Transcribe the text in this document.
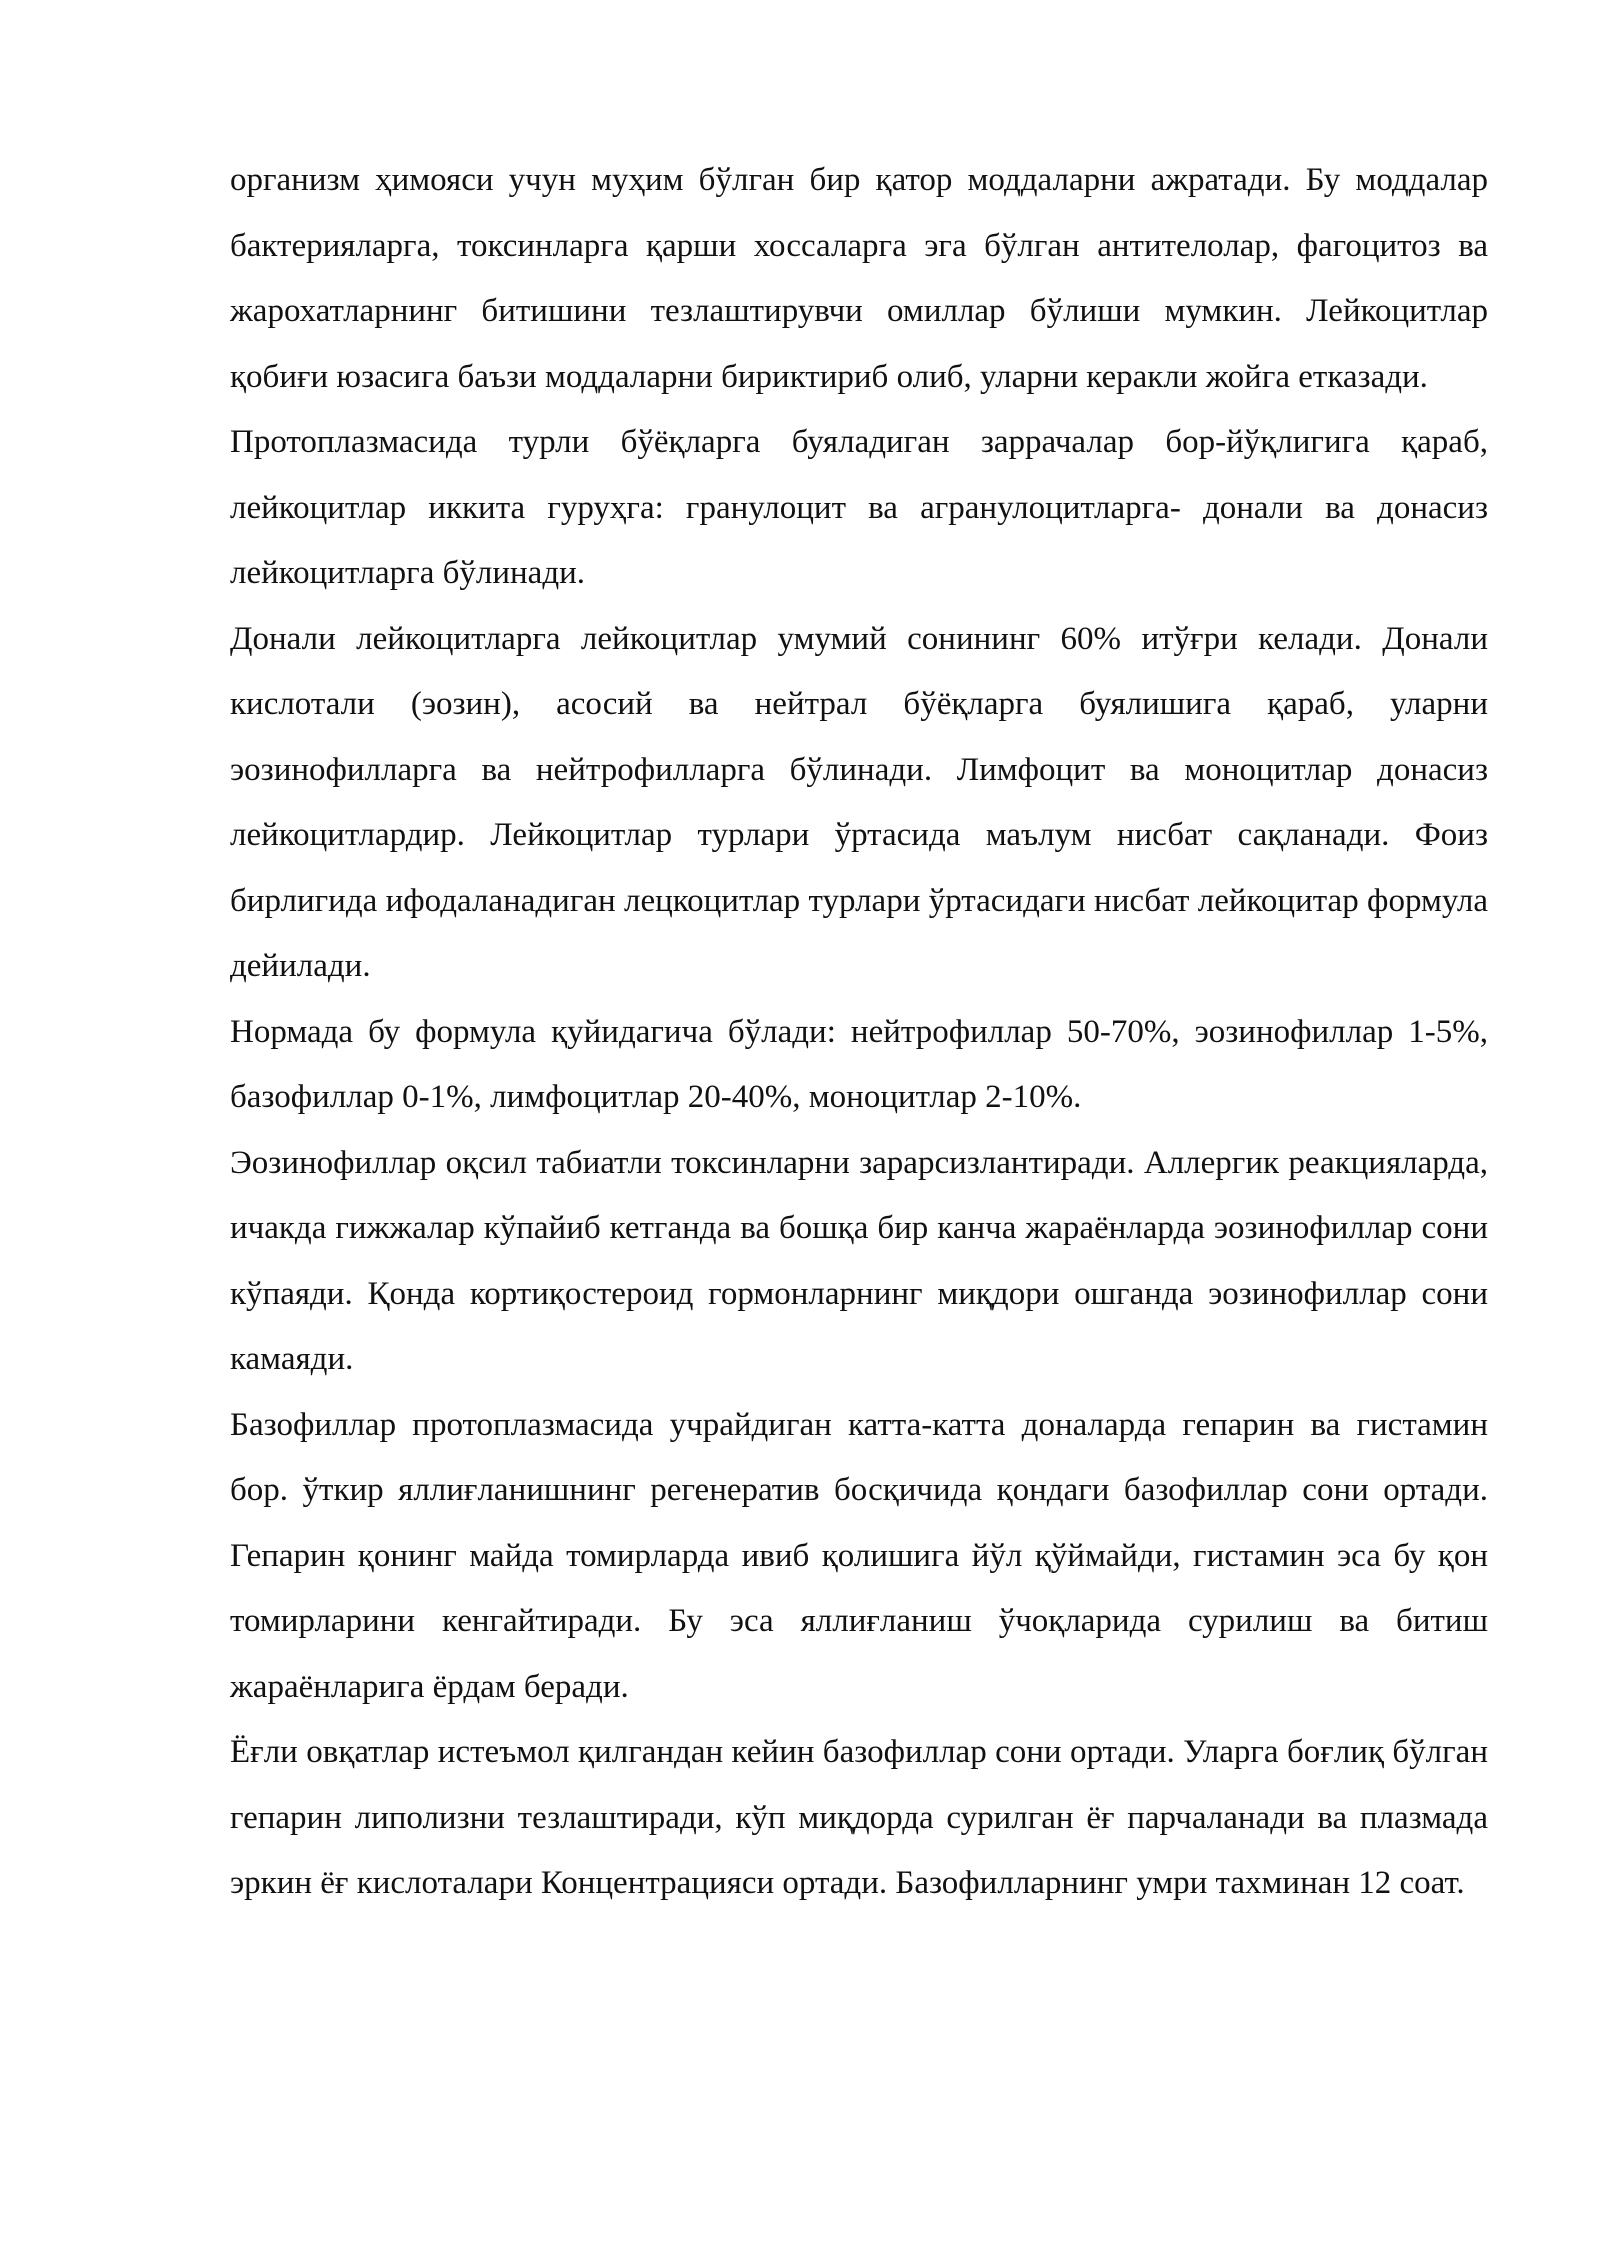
организм ҳимояси учун муҳим бўлган бир қатор моддаларни ажратади. Бу моддалар бактерияларга, токсинларга қарши хоссаларга эга бўлган антителолар, фагоцитоз ва жарохатларнинг битишини тезлаштирувчи омиллар бўлиши мумкин. Лейкоцитлар қобиғи юзасига баъзи моддаларни бириктириб олиб, уларни керакли жойга етказади.

Протоплазмасида турли бўёқларга буяладиган заррачалар бор-йўқлигига қараб, лейкоцитлар иккита гуруҳга: гранулоцит ва агранулоцитларга- донали ва донасиз лейкоцитларга бўлинади.

Донали лейкоцитларга лейкоцитлар умумий сонининг 60% итўғри келади. Донали кислотали (эозин), асосий ва нейтрал бўёқларга буялишига қараб, уларни эозинофилларга ва нейтрофилларга бўлинади. Лимфоцит ва моноцитлар донасиз лейкоцитлардир. Лейкоцитлар турлари ўртасида маълум нисбат сақланади. Фоиз бирлигида ифодаланадиган лецкоцитлар турлари ўртасидаги нисбат лейкоцитар формула дейилади.

Нормада бу формула қуйидагича бўлади: нейтрофиллар 50-70%, эозинофиллар 1-5%, базофиллар 0-1%, лимфоцитлар 20-40%, моноцитлар 2-10%.

Эозинофиллар оқсил табиатли токсинларни зарарсизлантиради. Аллергик реакцияларда, ичакда гижжалар кўпайиб кетганда ва бошқа бир канча жараёнларда эозинофиллар сони кўпаяди. Қонда кортиқостероид гормонларнинг миқдори ошганда эозинофиллар сони камаяди.

Базофиллар протоплазмасида учрайдиган катта-катта доналарда гепарин ва гистамин бор. ўткир яллиғланишнинг регенератив босқичида қондаги базофиллар сони ортади. Гепарин қонинг майда томирларда ивиб қолишига йўл қўймайди, гистамин эса бу қон томирларини кенгайтиради. Бу эса яллиғланиш ўчоқларида сурилиш ва битиш жараёнларига ёрдам беради.

Ёғли овқатлар истеъмол қилгандан кейин базофиллар сони ортади. Уларга боғлиқ бўлган гепарин липолизни тезлаштиради, кўп миқдорда сурилган ёғ парчаланади ва плазмада эркин ёғ кислоталари Концентрацияси ортади. Базофилларнинг умри тахминан 12 соат.
